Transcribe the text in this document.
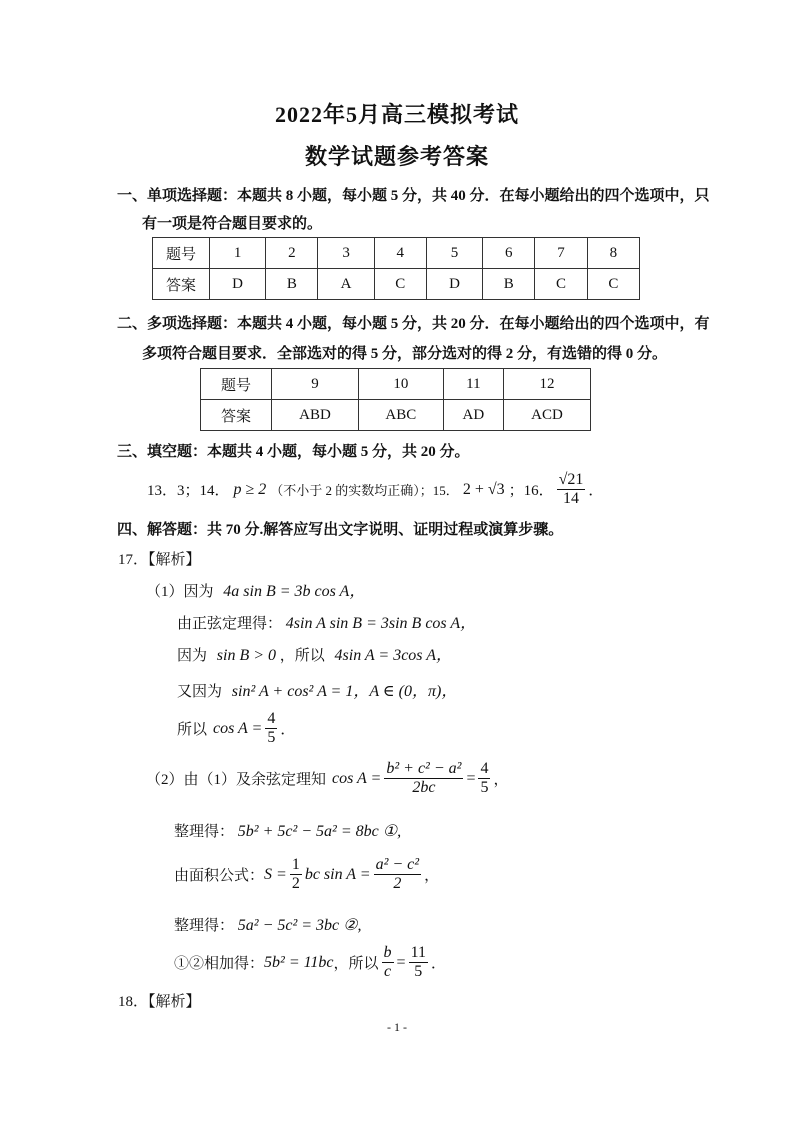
2022年5月高三模拟考试
数学试题参考答案
一、单项选择题：本题共 8 小题，每小题 5 分，共 40 分．在每小题给出的四个选项中，只
有一项是符合题目要求的。
题号	1	2	3	4	5	6	7	8
答案	D	B	A	C	D	B	C	C
二、多项选择题：本题共 4 小题，每小题 5 分，共 20 分．在每小题给出的四个选项中，有
多项符合题目要求．全部选对的得 5 分，部分选对的得 2 分，有选错的得 0 分。
题号	9	10	11	12
答案	ABD	ABC	AD	ACD
三、填空题：本题共 4 小题，每小题 5 分，共 20 分。
13．3；14． p ≥ 2 （不小于 2 的实数均正确）；15． 2 + √3 ；16． $\frac{√21}{14}$ ．
四、解答题：共 70 分.解答应写出文字说明、证明过程或演算步骤。
17．【解析】
（1）因为 4a sin B = 3b cos A，
由正弦定理得： 4sin A sin B = 3sin B cos A，
因为 sin B > 0 ，所以 4sin A = 3cos A，
又因为 sin² A + cos² A = 1，A ∈ (0，π)，
所以 $\cos A = \frac{4}{5}$ ．
（2）由（1）及余弦定理知 $\cos A = \frac{\text{b² + c² − a²}}{2bc} = \frac{4}{5}$ ，
整理得： 5b² + 5c² − 5a² = 8bc ①,
由面积公式： $S = \frac{1}{2}$ bc $\sin A = \frac{\text{a² − c²}}{2}$ ，
整理得： 5a² − 5c² = 3bc ②,
①②相加得： 5b² = 11bc ，所以 $\frac{b}{c} = \frac{11}{5}$ ．
18．【解析】
- 1 -
